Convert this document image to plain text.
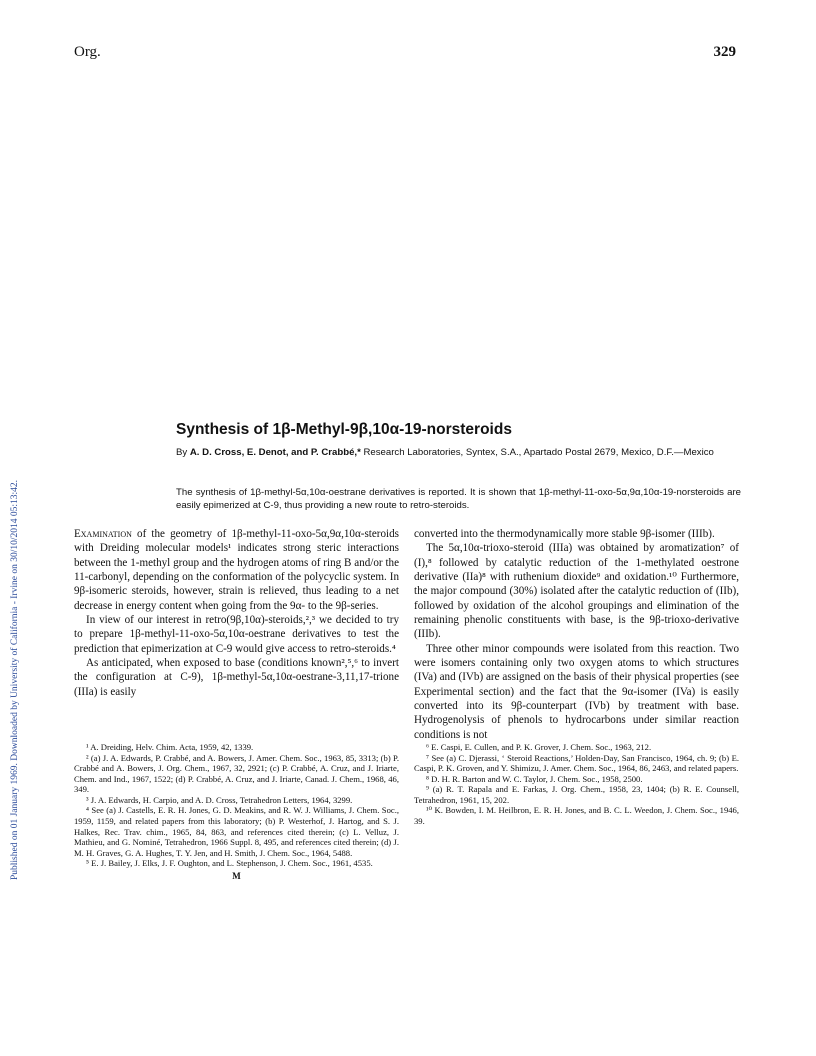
Published on 01 January 1969. Downloaded by University of California - Irvine on 30/10/2014 05:13:42.
Org.	329
Synthesis of 1β-Methyl-9β,10α-19-norsteroids
By A. D. Cross, E. Denot, and P. Crabbé,* Research Laboratories, Syntex, S.A., Apartado Postal 2679, Mexico, D.F.—Mexico
The synthesis of 1β-methyl-5α,10α-oestrane derivatives is reported. It is shown that 1β-methyl-11-oxo-5α,9α,10α-19-norsteroids are easily epimerized at C-9, thus providing a new route to retro-steroids.

Examination of the geometry of 1β-methyl-11-oxo-5α,9α,10α-steroids with Dreiding molecular models¹ indicates strong steric interactions between the 1-methyl group and the hydrogen atoms of ring B and/or the 11-carbonyl, depending on the conformation of the polycyclic system. In 9β-isomeric steroids, however, strain is relieved, thus leading to a net decrease in energy content when going from the 9α- to the 9β-series.

In view of our interest in retro(9β,10α)-steroids,²,³ we decided to try to prepare 1β-methyl-11-oxo-5α,10α-oestrane derivatives to test the prediction that epimerization at C-9 would give access to retro-steroids.⁴

As anticipated, when exposed to base (conditions known²,⁵,⁶ to invert the configuration at C-9), 1β-methyl-5α,10α-oestrane-3,11,17-trione (IIIa) is easily

¹ A. Dreiding, Helv. Chim. Acta, 1959, 42, 1339.

² (a) J. A. Edwards, P. Crabbé, and A. Bowers, J. Amer. Chem. Soc., 1963, 85, 3313; (b) P. Crabbé and A. Bowers, J. Org. Chem., 1967, 32, 2921; (c) P. Crabbé, A. Cruz, and J. Iriarte, Chem. and Ind., 1967, 1522; (d) P. Crabbé, A. Cruz, and J. Iriarte, Canad. J. Chem., 1968, 46, 349.

³ J. A. Edwards, H. Carpio, and A. D. Cross, Tetrahedron Letters, 1964, 3299.

⁴ See (a) J. Castells, E. R. H. Jones, G. D. Meakins, and R. W. J. Williams, J. Chem. Soc., 1959, 1159, and related papers from this laboratory; (b) P. Westerhof, J. Hartog, and S. J. Halkes, Rec. Trav. chim., 1965, 84, 863, and references cited therein; (c) L. Velluz, J. Mathieu, and G. Nominé, Tetrahedron, 1966 Suppl. 8, 495, and references cited therein; (d) J. M. H. Graves, G. A. Hughes, T. Y. Jen, and H. Smith, J. Chem. Soc., 1964, 5488.

⁵ E. J. Bailey, J. Elks, J. F. Oughton, and L. Stephenson, J. Chem. Soc., 1961, 4535.

M

converted into the thermodynamically more stable 9β-isomer (IIIb).

The 5α,10α-trioxo-steroid (IIIa) was obtained by aromatization⁷ of (I),⁸ followed by catalytic reduction of the 1-methylated oestrone derivative (IIa)⁸ with ruthenium dioxide⁹ and oxidation.¹⁰ Furthermore, the major compound (30%) isolated after the catalytic reduction of (IIb), followed by oxidation of the alcohol groupings and elimination of the remaining phenolic constituents with base, is the 9β-trioxo-derivative (IIIb).

Three other minor compounds were isolated from this reaction. Two were isomers containing only two oxygen atoms to which structures (IVa) and (IVb) are assigned on the basis of their physical properties (see Experimental section) and the fact that the 9α-isomer (IVa) is easily converted into its 9β-counterpart (IVb) by treatment with base. Hydrogenolysis of phenols to hydrocarbons under similar reaction conditions is not

⁶ E. Caspi, E. Cullen, and P. K. Grover, J. Chem. Soc., 1963, 212.

⁷ See (a) C. Djerassi, ‘ Steroid Reactions,’ Holden-Day, San Francisco, 1964, ch. 9; (b) E. Caspi, P. K. Groven, and Y. Shimizu, J. Amer. Chem. Soc., 1964, 86, 2463, and related papers.

⁸ D. H. R. Barton and W. C. Taylor, J. Chem. Soc., 1958, 2500.

⁹ (a) R. T. Rapala and E. Farkas, J. Org. Chem., 1958, 23, 1404; (b) R. E. Counsell, Tetrahedron, 1961, 15, 202.

¹⁰ K. Bowden, I. M. Heilbron, E. R. H. Jones, and B. C. L. Weedon, J. Chem. Soc., 1946, 39.
